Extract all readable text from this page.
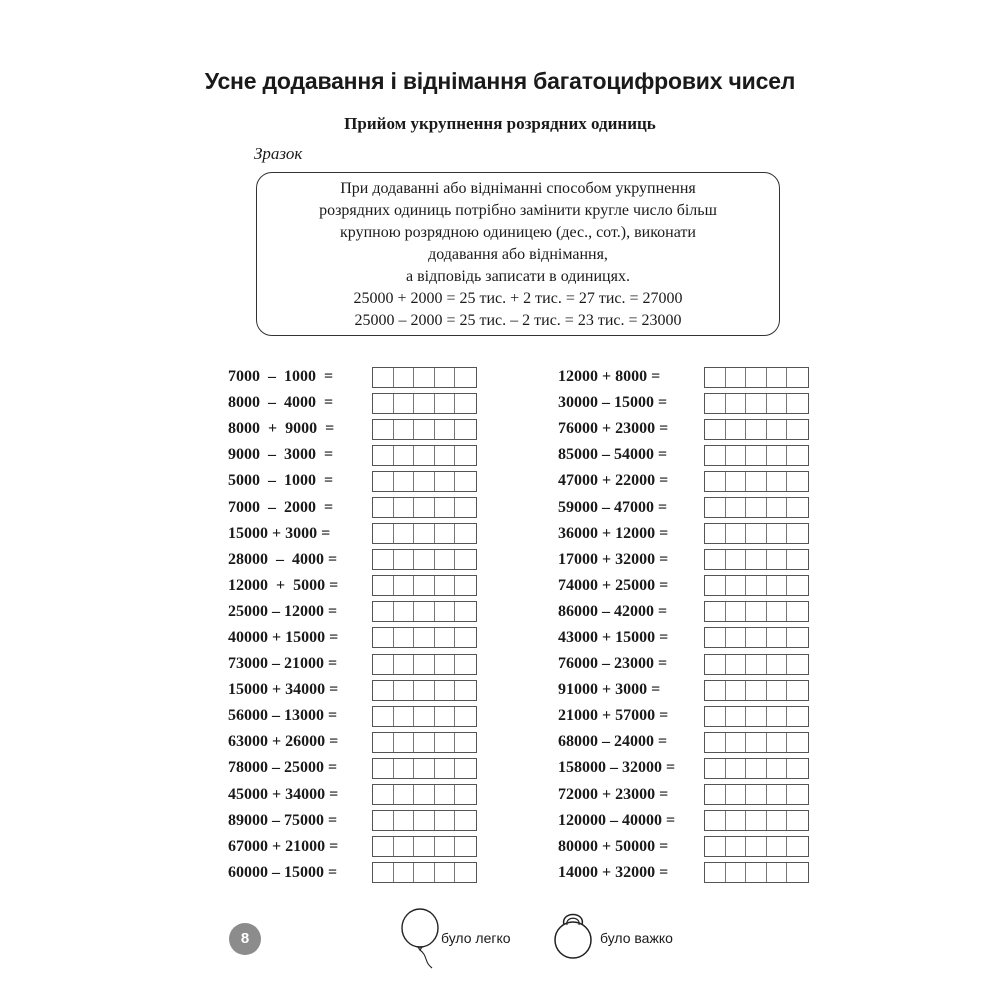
Усне додавання і віднімання багатоцифрових чисел
Прийом укрупнення розрядних одиниць
Зразок
При додаванні або відніманні способом укрупнення
розрядних одиниць потрібно замінити кругле число більш
крупною розрядною одиницею (дес., сот.), виконати
додавання або віднімання,
а відповідь записати в одиницях.
25000 + 2000 = 25 тис. + 2 тис. = 27 тис. = 27000
25000 – 2000 = 25 тис. – 2 тис. = 23 тис. = 23000
7000  –  1000  =
8000  –  4000  =
8000  +  9000  =
9000  –  3000  =
5000  –  1000  =
7000  –  2000  =
15000 + 3000 =
28000  –  4000 =
12000  +  5000 =
25000 – 12000 =
40000 + 15000 =
73000 – 21000 =
15000 + 34000 =
56000 – 13000 =
63000 + 26000 =
78000 – 25000 =
45000 + 34000 =
89000 – 75000 =
67000 + 21000 =
60000 – 15000 =
12000 + 8000 =
30000 – 15000 =
76000 + 23000 =
85000 – 54000 =
47000 + 22000 =
59000 – 47000 =
36000 + 12000 =
17000 + 32000 =
74000 + 25000 =
86000 – 42000 =
43000 + 15000 =
76000 – 23000 =
91000 + 3000 =
21000 + 57000 =
68000 – 24000 =
158000 – 32000 =
72000 + 23000 =
120000 – 40000 =
80000 + 50000 =
14000 + 32000 =
8	було легко	було важко
